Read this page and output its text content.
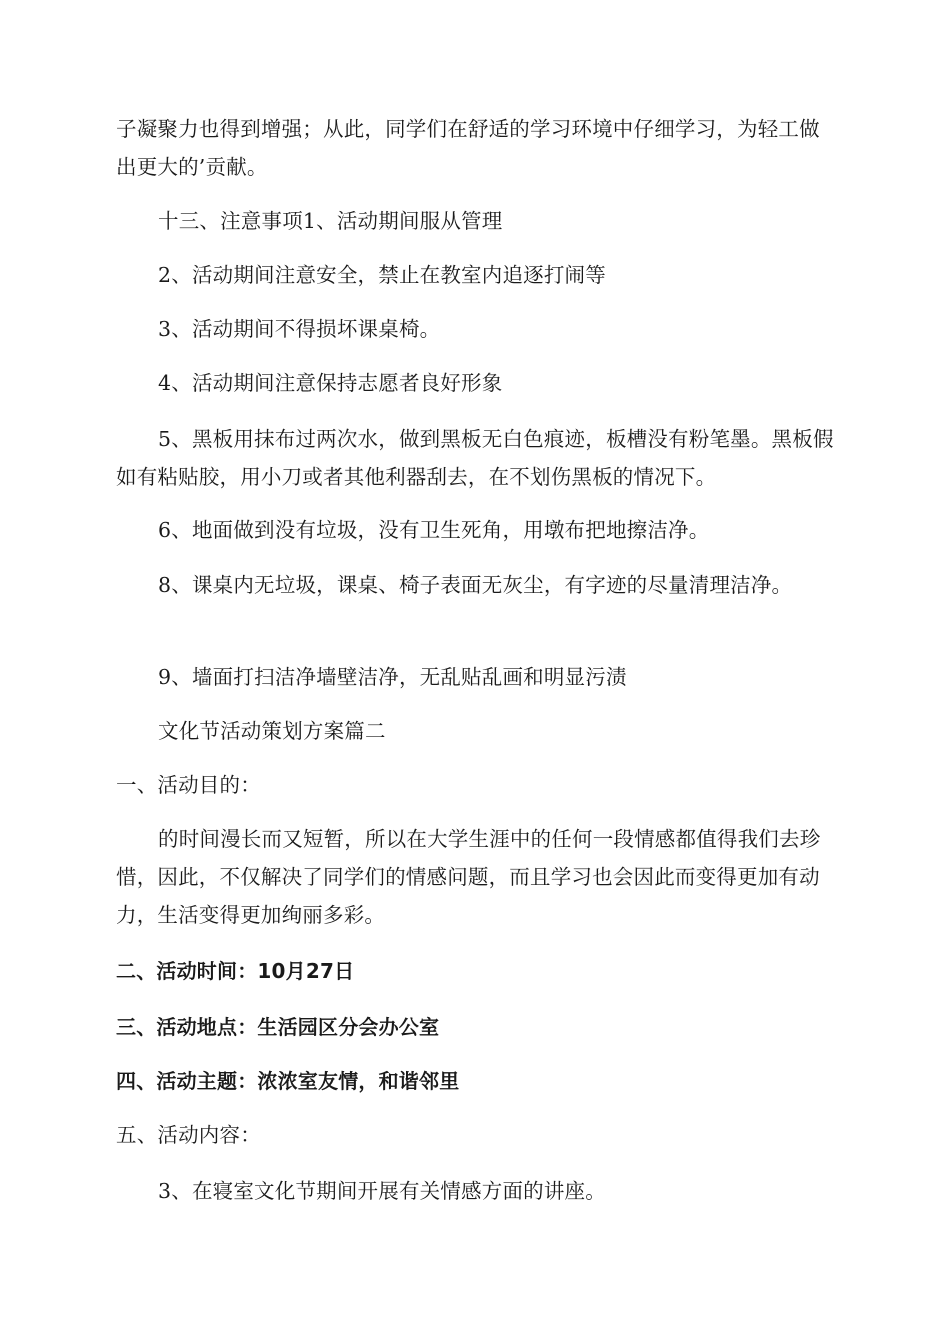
子凝聚力也得到增强；从此，同学们在舒适的学习环境中仔细学习，为轻工做出更大的’贡献。

十三、注意事项1、活动期间服从管理

2、活动期间注意安全，禁止在教室内追逐打闹等

3、活动期间不得损坏课桌椅。

4、活动期间注意保持志愿者良好形象

5、黑板用抹布过两次水，做到黑板无白色痕迹，板槽没有粉笔墨。黑板假如有粘贴胶，用小刀或者其他利器刮去，在不划伤黑板的情况下。

6、地面做到没有垃圾，没有卫生死角，用墩布把地擦洁净。

8、课桌内无垃圾，课桌、椅子表面无灰尘，有字迹的尽量清理洁净。

9、墙面打扫洁净墙壁洁净，无乱贴乱画和明显污渍

文化节活动策划方案篇二

一、活动目的：

的时间漫长而又短暂，所以在大学生涯中的任何一段情感都值得我们去珍惜，因此，不仅解决了同学们的情感问题，而且学习也会因此而变得更加有动力，生活变得更加绚丽多彩。

二、活动时间：10月27日

三、活动地点：生活园区分会办公室

四、活动主题：浓浓室友情，和谐邻里

五、活动内容：

3、在寝室文化节期间开展有关情感方面的讲座。
